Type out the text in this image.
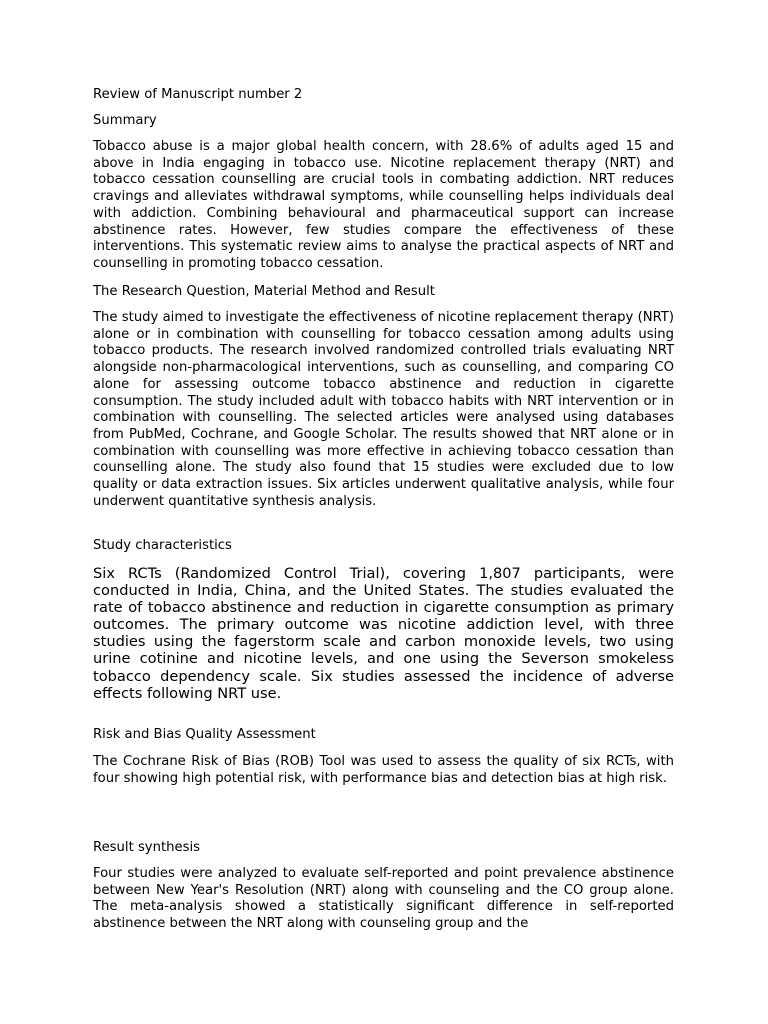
Review of Manuscript number 2

Summary

Tobacco abuse is a major global health concern, with 28.6% of adults aged 15 and above in India engaging in tobacco use. Nicotine replacement therapy (NRT) and tobacco cessation counselling are crucial tools in combating addiction. NRT reduces cravings and alleviates withdrawal symptoms, while counselling helps individuals deal with addiction. Combining behavioural and pharmaceutical support can increase abstinence rates. However, few studies compare the effectiveness of these interventions. This systematic review aims to analyse the practical aspects of NRT and counselling in promoting tobacco cessation.

The Research Question, Material Method and Result

The study aimed to investigate the effectiveness of nicotine replacement therapy (NRT) alone or in combination with counselling for tobacco cessation among adults using tobacco products. The research involved randomized controlled trials evaluating NRT alongside non-pharmacological interventions, such as counselling, and comparing CO alone for assessing outcome tobacco abstinence and reduction in cigarette consumption. The study included adult with tobacco habits with NRT intervention or in combination with counselling. The selected articles were analysed using databases from PubMed, Cochrane, and Google Scholar. The results showed that NRT alone or in combination with counselling was more effective in achieving tobacco cessation than counselling alone. The study also found that 15 studies were excluded due to low quality or data extraction issues. Six articles underwent qualitative analysis, while four underwent quantitative synthesis analysis.

Study characteristics

Six RCTs (Randomized Control Trial), covering 1,807 participants, were conducted in India, China, and the United States. The studies evaluated the rate of tobacco abstinence and reduction in cigarette consumption as primary outcomes. The primary outcome was nicotine addiction level, with three studies using the fagerstorm scale and carbon monoxide levels, two using urine cotinine and nicotine levels, and one using the Severson smokeless tobacco dependency scale. Six studies assessed the incidence of adverse effects following NRT use.

Risk and Bias Quality Assessment

The Cochrane Risk of Bias (ROB) Tool was used to assess the quality of six RCTs, with four showing high potential risk, with performance bias and detection bias at high risk.

Result synthesis

Four studies were analyzed to evaluate self-reported and point prevalence abstinence between New Year's Resolution (NRT) along with counseling and the CO group alone. The meta-analysis showed a statistically significant difference in self-reported abstinence between the NRT along with counseling group and the
